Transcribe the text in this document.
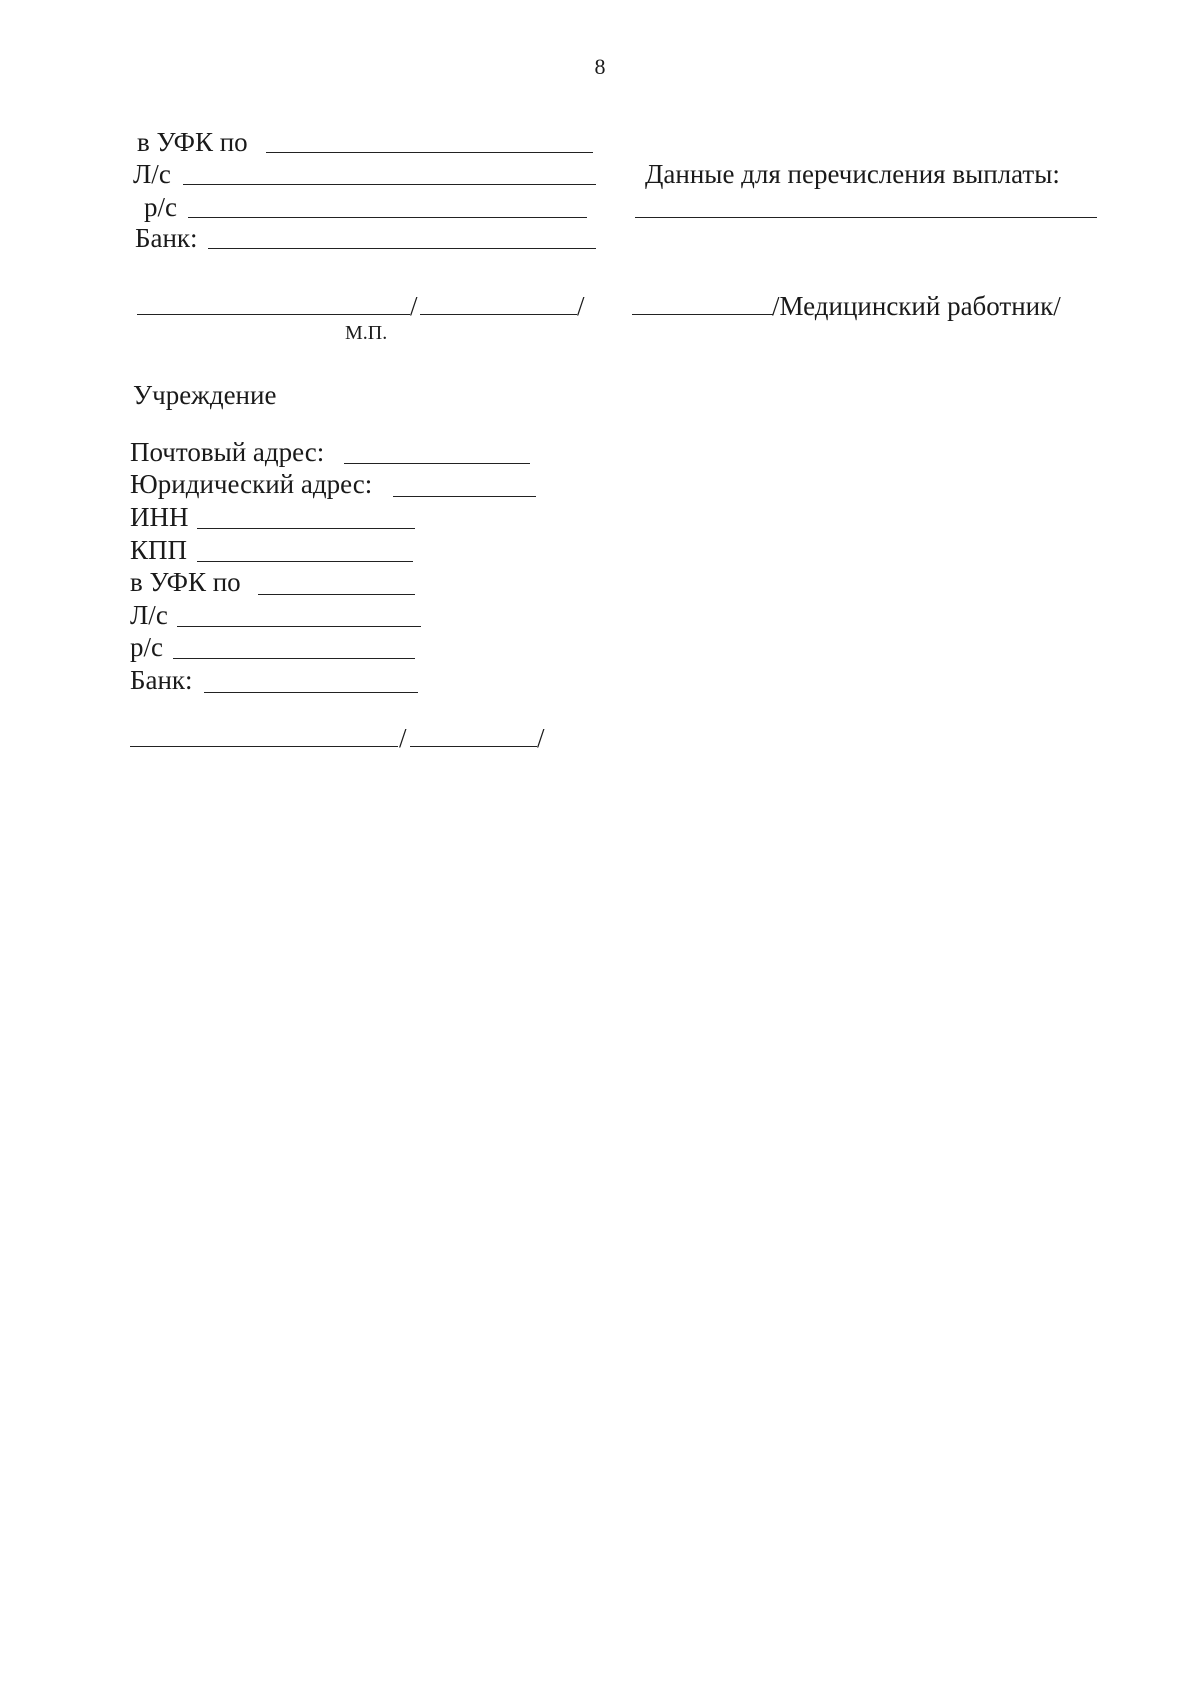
8
в УФК по
Л/с
р/с
Банк:
Данные для перечисления выплаты:
/	/
М.П.
/Медицинский работник/
Учреждение
Почтовый адрес:
Юридический адрес:
ИНН
КПП
в УФК по
Л/с
р/с
Банк:
/	/
